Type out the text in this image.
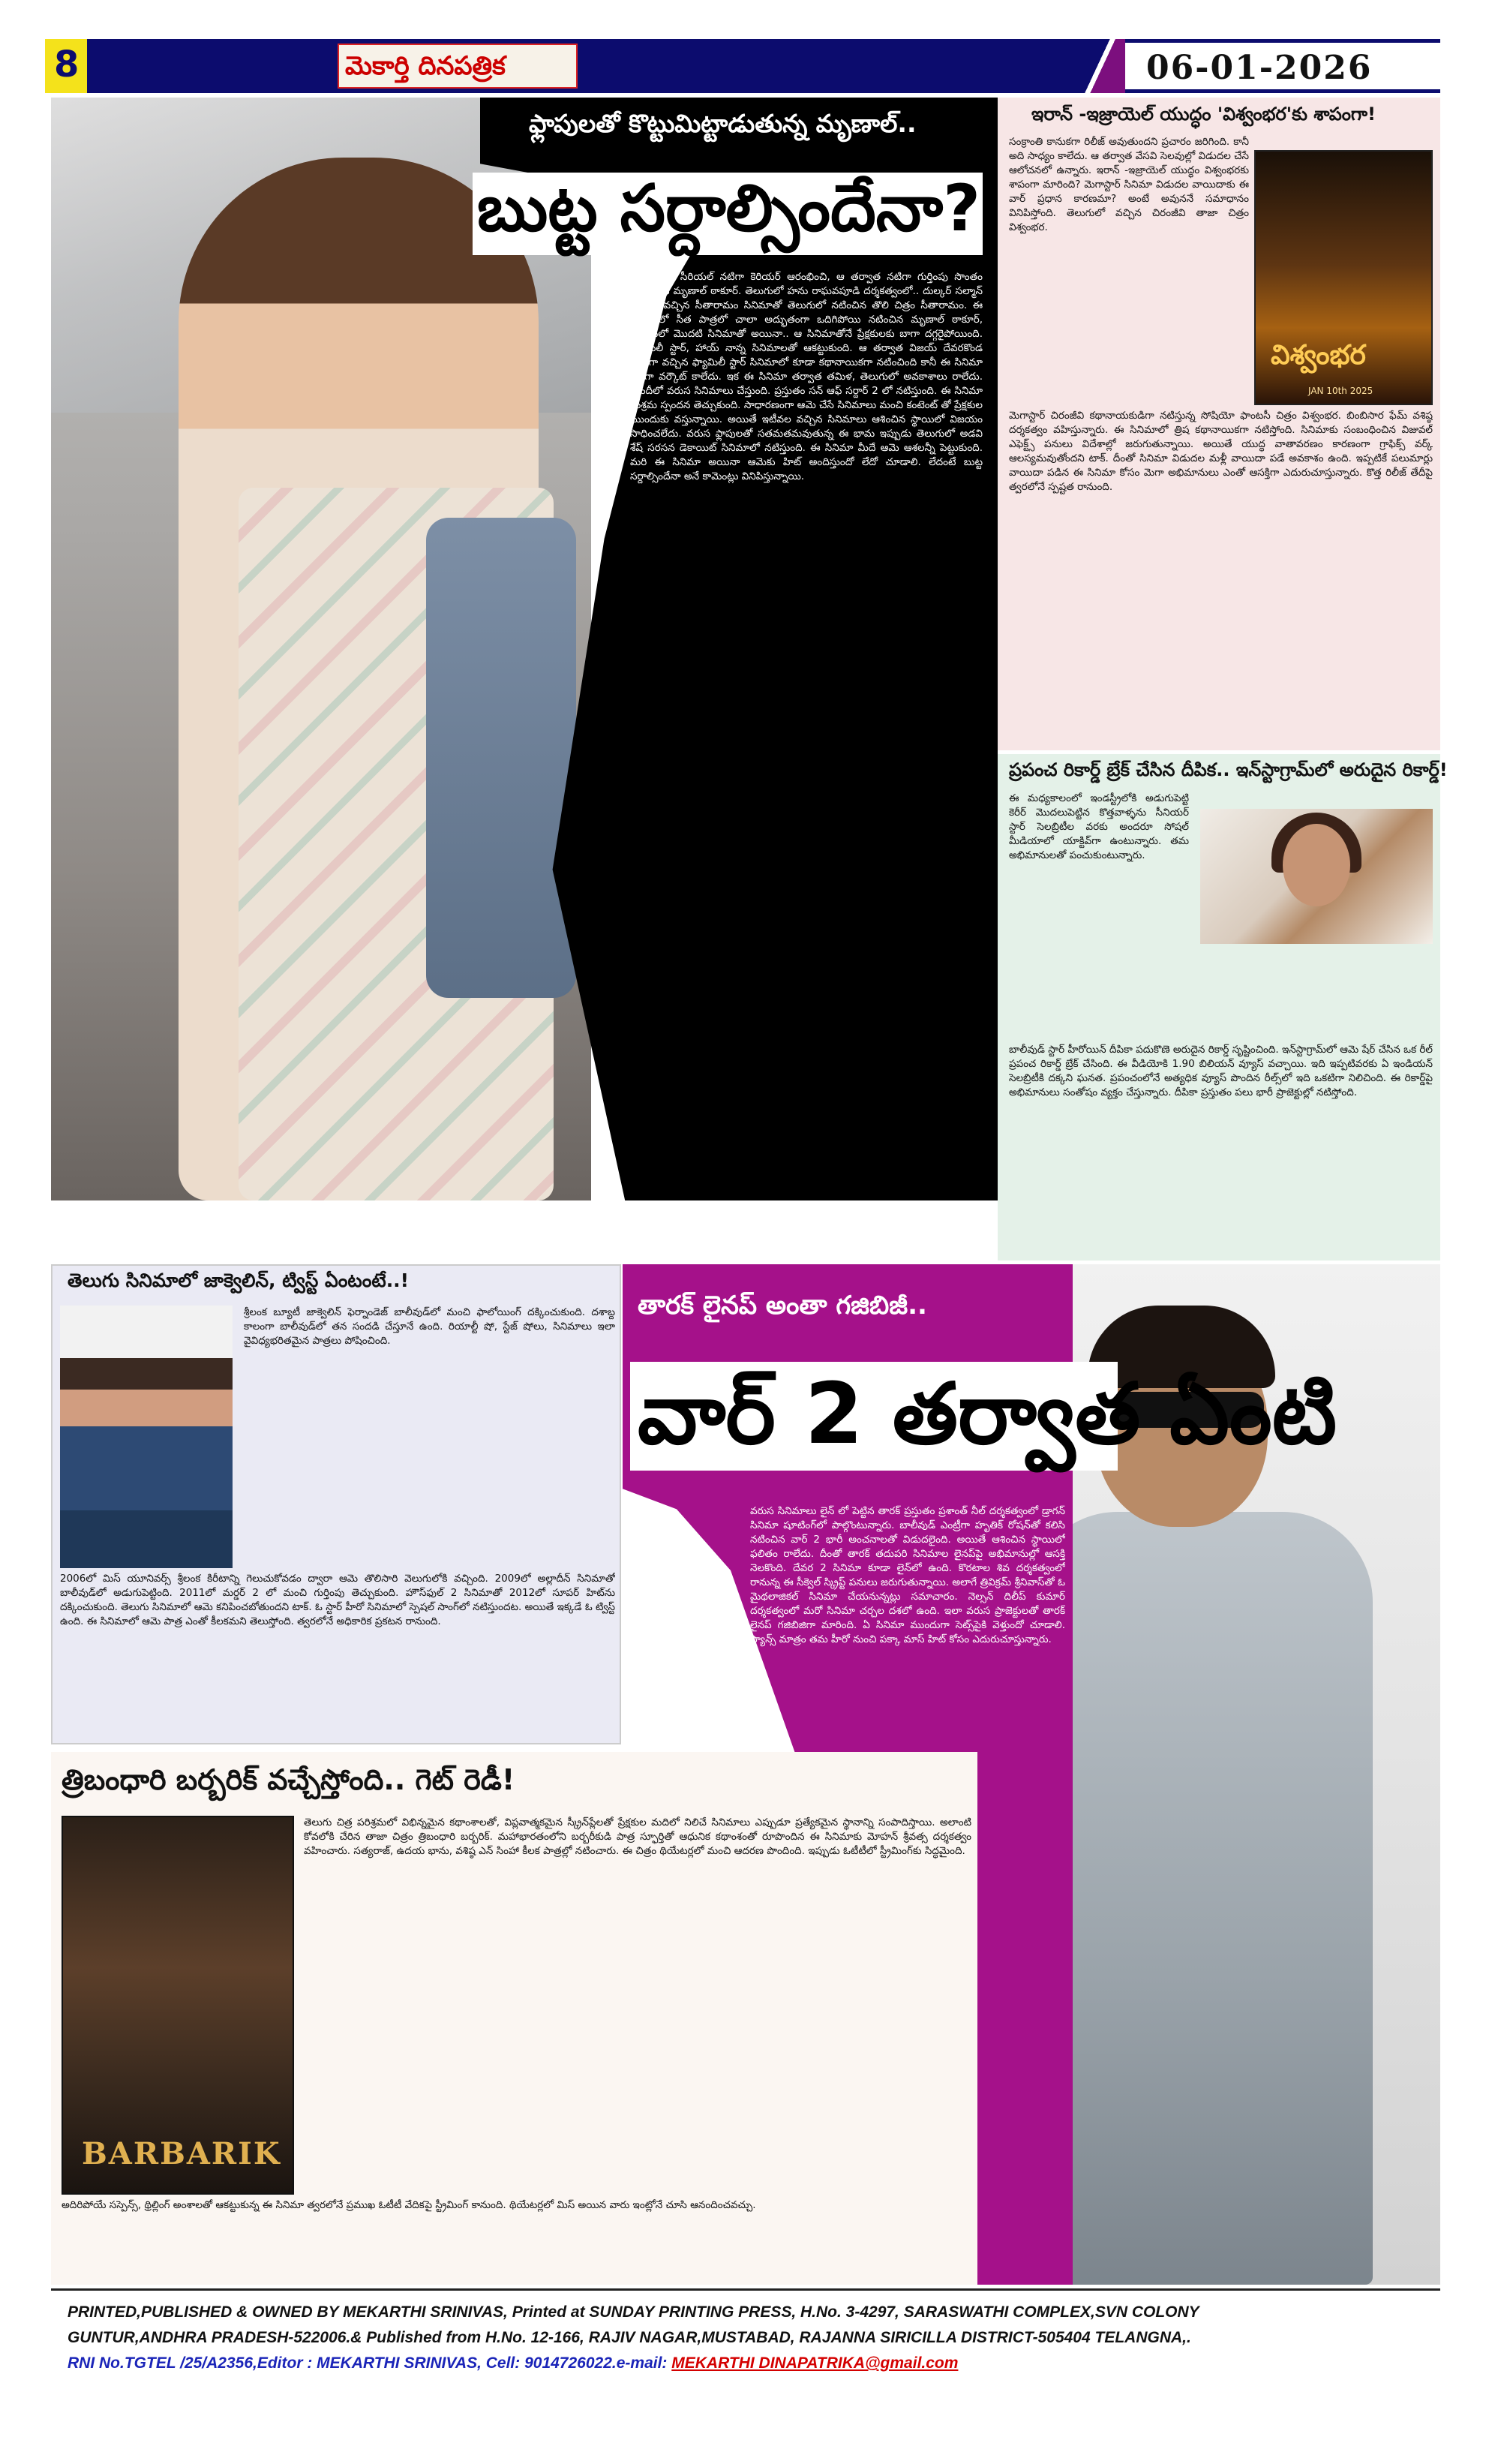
8	మెకార్తి దినపత్రిక	06-01-2026
ఫ్లాపులతో కొట్టుమిట్టాడుతున్న మృణాల్..
బుట్ట సర్దాల్సిందేనా?
హిందీ టీవీ సీరియల్ నటిగా కెరియర్ ఆరంభించి, ఆ తర్వాత నటిగా గుర్తింపు సొంతం చేసుకుంది మృణాల్ ఠాకూర్. తెలుగులో హను రాఘవపూడి దర్శకత్వంలో.. దుల్కర్ సల్మాన్ హీరోగా వచ్చిన సీతారామం సినిమాతో తెలుగులో నటించిన తొలి చిత్రం సీతారామం. ఈ సినిమాలో సీత పాత్రలో చాలా అద్భుతంగా ఒదిగిపోయి నటించిన మృణాల్ ఠాకూర్, తెలుగులో మొదటి సినిమాతో అయినా.. ఆ సినిమాతోనే ప్రేక్షకులకు బాగా దగ్గరైపోయింది. ఫ్యామిలీ స్టార్, హాయ్ నాన్న సినిమాలతో ఆకట్టుకుంది. ఆ తర్వాత విజయ్ దేవరకొండ హీరోగా వచ్చిన ఫ్యామిలీ స్టార్ సినిమాలో కూడా కథానాయికగా నటించింది కానీ ఈ సినిమా పెద్దగా వర్కౌట్ కాలేదు. ఇక ఈ సినిమా తర్వాత తమిళ, తెలుగులో అవకాశాలు రాలేదు. హిందీలో వరుస సినిమాలు చేస్తుంది. ప్రస్తుతం సన్ ఆఫ్ సర్దార్ 2 లో నటిస్తుంది. ఈ సినిమా మిశ్రమ స్పందన తెచ్చుకుంది. సాధారణంగా ఆమె చేసే సినిమాలు మంచి కంటెంట్ తో ప్రేక్షకుల ముందుకు వస్తున్నాయి. అయితే ఇటీవల వచ్చిన సినిమాలు ఆశించిన స్థాయిలో విజయం సాధించలేదు. వరుస ఫ్లాపులతో సతమతమవుతున్న ఈ భామ ఇప్పుడు తెలుగులో అడవి శేష్ సరసన డెకాయిట్ సినిమాలో నటిస్తుంది. ఈ సినిమా మీదే ఆమె ఆశలన్నీ పెట్టుకుంది. మరి ఈ సినిమా అయినా ఆమెకు హిట్ అందిస్తుందో లేదో చూడాలి. లేదంటే బుట్ట సర్దాల్సిందేనా అనే కామెంట్లు వినిపిస్తున్నాయి.
ఇరాన్ -ఇజ్రాయెల్ యుద్ధం 'విశ్వంభర'కు శాపంగా!
సంక్రాంతి కానుకగా రిలీజ్ అవుతుందని ప్రచారం జరిగింది. కానీ అది సాధ్యం కాలేదు. ఆ తర్వాత వేసవి సెలవుల్లో విడుదల చేసే ఆలోచనలో ఉన్నారు. ఇరాన్ -ఇజ్రాయెల్ యుద్ధం విశ్వంభరకు శాపంగా మారింది? మెగాస్టార్ సినిమా విడుదల వాయిదాకు ఈ వార్ ప్రధాన కారణమా? అంటే అవుననే సమాధానం వినిపిస్తోంది. తెలుగులో వచ్చిన చిరంజీవి తాజా చిత్రం విశ్వంభర.
విశ్వంభర
JAN 10th 2025
మెగాస్టార్ చిరంజీవి కథానాయకుడిగా నటిస్తున్న సోషియో ఫాంటసీ చిత్రం విశ్వంభర. బింబిసార ఫేమ్ వశిష్ఠ దర్శకత్వం వహిస్తున్నారు. ఈ సినిమాలో త్రిష కథానాయికగా నటిస్తోంది. సినిమాకు సంబంధించిన విజువల్ ఎఫెక్ట్స్ పనులు విదేశాల్లో జరుగుతున్నాయి. అయితే యుద్ధ వాతావరణం కారణంగా గ్రాఫిక్స్ వర్క్ ఆలస్యమవుతోందని టాక్. దీంతో సినిమా విడుదల మళ్లీ వాయిదా పడే అవకాశం ఉంది. ఇప్పటికే పలుమార్లు వాయిదా పడిన ఈ సినిమా కోసం మెగా అభిమానులు ఎంతో ఆసక్తిగా ఎదురుచూస్తున్నారు. కొత్త రిలీజ్ తేదీపై త్వరలోనే స్పష్టత రానుంది.
ప్రపంచ రికార్డ్ బ్రేక్ చేసిన దీపిక.. ఇన్‌స్టాగ్రామ్‌లో అరుదైన రికార్డ్!
ఈ మధ్యకాలంలో ఇండస్ట్రీలోకి అడుగుపెట్టి కెరీర్ మొదలుపెట్టిన కొత్తవాళ్ళను సీనియర్ స్టార్ సెలబ్రిటీల వరకు అందరూ సోషల్ మీడియాలో యాక్టివ్‌గా ఉంటున్నారు. తమ అభిమానులతో పంచుకుంటున్నారు.
బాలీవుడ్ స్టార్ హీరోయిన్ దీపికా పదుకొణె అరుదైన రికార్డ్ సృష్టించింది. ఇన్‌స్టాగ్రామ్‌లో ఆమె షేర్ చేసిన ఒక రీల్ ప్రపంచ రికార్డ్ బ్రేక్ చేసింది. ఈ వీడియోకి 1.90 బిలియన్ వ్యూస్ వచ్చాయి. ఇది ఇప్పటివరకు ఏ ఇండియన్ సెలబ్రిటీకి దక్కని ఘనత. ప్రపంచంలోనే అత్యధిక వ్యూస్ పొందిన రీల్స్‌లో ఇది ఒకటిగా నిలిచింది. ఈ రికార్డ్‌పై అభిమానులు సంతోషం వ్యక్తం చేస్తున్నారు. దీపికా ప్రస్తుతం పలు భారీ ప్రాజెక్టుల్లో నటిస్తోంది.
తెలుగు సినిమాలో జాక్వెలిన్, ట్విస్ట్ ఏంటంటే..!
శ్రీలంక బ్యూటీ జాక్వెలిన్ ఫెర్నాండెజ్ బాలీవుడ్‌లో మంచి ఫాలోయింగ్ దక్కించుకుంది. దశాబ్ద కాలంగా బాలీవుడ్‌లో తన సందడి చేస్తూనే ఉంది. రియాల్టీ షో, స్టేజ్ షోలు, సినిమాలు ఇలా వైవిధ్యభరితమైన పాత్రలు పోషించింది.
2006లో మిస్ యూనివర్స్ శ్రీలంక కిరీటాన్ని గెలుచుకోవడం ద్వారా ఆమె తొలిసారి వెలుగులోకి వచ్చింది. 2009లో అల్లాదీన్ సినిమాతో బాలీవుడ్‌లో అడుగుపెట్టింది. 2011లో మర్డర్ 2 లో మంచి గుర్తింపు తెచ్చుకుంది. హౌస్‌ఫుల్ 2 సినిమాతో 2012లో సూపర్ హిట్‌ను దక్కించుకుంది. తెలుగు సినిమాలో ఆమె కనిపించబోతుందని టాక్. ఓ స్టార్ హీరో సినిమాలో స్పెషల్ సాంగ్‌లో నటిస్తుందట. అయితే ఇక్కడే ఓ ట్విస్ట్ ఉంది. ఈ సినిమాలో ఆమె పాత్ర ఎంతో కీలకమని తెలుస్తోంది. త్వరలోనే అధికారిక ప్రకటన రానుంది.
తారక్ లైనప్ అంతా గజిబిజీ..
వార్ 2 తర్వాత ఏంటి
వరుస సినిమాలు లైన్ లో పెట్టిన తారక్ ప్రస్తుతం ప్రశాంత్ నీల్ దర్శకత్వంలో డ్రాగన్ సినిమా షూటింగ్‌లో పాల్గొంటున్నారు. బాలీవుడ్ ఎంట్రీగా హృతిక్ రోషన్‌తో కలిసి నటించిన వార్ 2 భారీ అంచనాలతో విడుదలైంది. అయితే ఆశించిన స్థాయిలో ఫలితం రాలేదు. దీంతో తారక్ తదుపరి సినిమాల లైనప్‌పై అభిమానుల్లో ఆసక్తి నెలకొంది. దేవర 2 సినిమా కూడా లైన్‌లో ఉంది. కొరటాల శివ దర్శకత్వంలో రానున్న ఈ సీక్వెల్ స్క్రిప్ట్ పనులు జరుగుతున్నాయి. అలాగే త్రివిక్రమ్ శ్రీనివాస్‌తో ఓ మైథలాజికల్ సినిమా చేయనున్నట్లు సమాచారం. నెల్సన్ దిలీప్ కుమార్ దర్శకత్వంలో మరో సినిమా చర్చల దశలో ఉంది. ఇలా వరుస ప్రాజెక్టులతో తారక్ లైనప్ గజిబిజిగా మారింది. ఏ సినిమా ముందుగా సెట్స్‌పైకి వెళ్తుందో చూడాలి. ఫ్యాన్స్ మాత్రం తమ హీరో నుంచి పక్కా మాస్ హిట్ కోసం ఎదురుచూస్తున్నారు.
త్రిబంధారి బర్బరిక్ వచ్చేస్తోంది.. గెట్ రెడీ!
BARBARIK
తెలుగు చిత్ర పరిశ్రమలో విభిన్నమైన కథాంశాలతో, విప్లవాత్మకమైన స్క్రీన్‌ప్లేలతో ప్రేక్షకుల మదిలో నిలిచే సినిమాలు ఎప్పుడూ ప్రత్యేకమైన స్థానాన్ని సంపాదిస్తాయి. అలాంటి కోవలోకి చేరిన తాజా చిత్రం త్రిబంధారి బర్బరిక్. మహాభారతంలోని బర్బరీకుడి పాత్ర స్ఫూర్తితో ఆధునిక కథాంశంతో రూపొందిన ఈ సినిమాకు మోహన్ శ్రీవత్స దర్శకత్వం వహించారు. సత్యరాజ్, ఉదయ భాను, వశిష్ఠ ఎన్ సింహా కీలక పాత్రల్లో నటించారు. ఈ చిత్రం థియేటర్లలో మంచి ఆదరణ పొందింది. ఇప్పుడు ఓటీటీలో స్ట్రీమింగ్‌కు సిద్ధమైంది.
అదిరిపోయే సస్పెన్స్, థ్రిల్లింగ్ అంశాలతో ఆకట్టుకున్న ఈ సినిమా త్వరలోనే ప్రముఖ ఓటీటీ వేదికపై స్ట్రీమింగ్ కానుంది. థియేటర్లలో మిస్ అయిన వారు ఇంట్లోనే చూసి ఆనందించవచ్చు.
PRINTED,PUBLISHED & OWNED BY MEKARTHI SRINIVAS, Printed at SUNDAY PRINTING PRESS, H.No. 3-4297, SARASWATHI COMPLEX,SVN COLONY
GUNTUR,ANDHRA PRADESH-522006.& Published from H.No. 12-166, RAJIV NAGAR,MUSTABAD, RAJANNA SIRICILLA DISTRICT-505404 TELANGNA,.
RNI No.TGTEL /25/A2356,Editor : MEKARTHI SRINIVAS, Cell: 9014726022.e-mail: MEKARTHI DINAPATRIKA@gmail.com
